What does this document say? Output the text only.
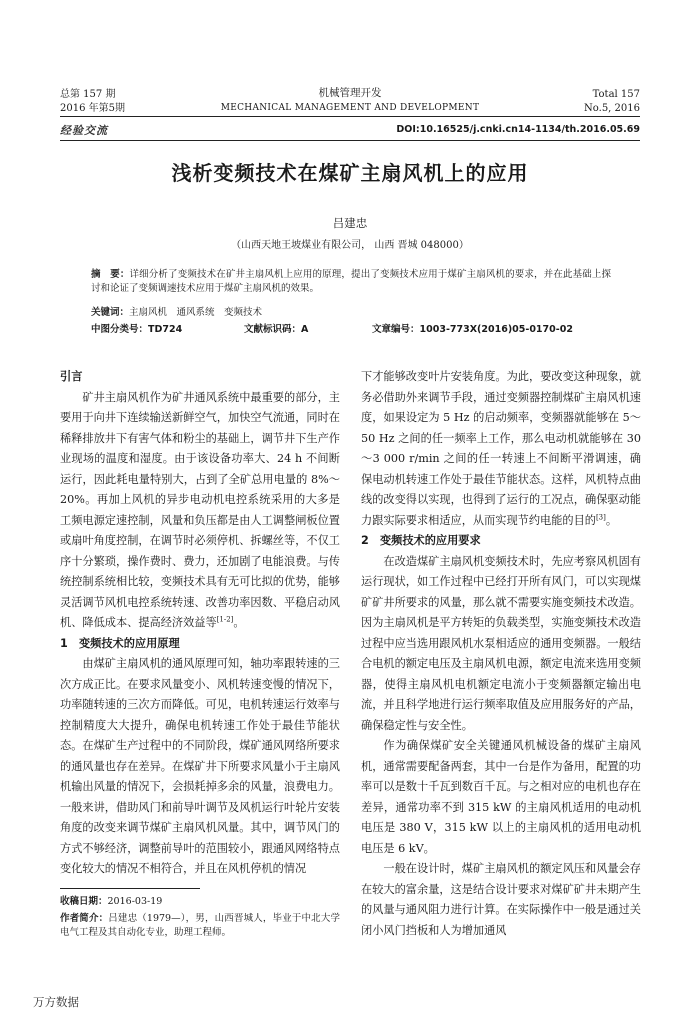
总第 157 期
2016 年第5期
机械管理开发
MECHANICAL MANAGEMENT AND DEVELOPMENT
Total 157
No.5, 2016
经验交流	DOI:10.16525/j.cnki.cn14-1134/th.2016.05.69
浅析变频技术在煤矿主扇风机上的应用
吕建忠
（山西天地王坡煤业有限公司， 山西 晋城 048000）
摘　要：详细分析了变频技术在矿井主扇风机上应用的原理，提出了变频技术应用于煤矿主扇风机的要求，并在此基础上探讨和论证了变频调速技术应用于煤矿主扇风机的效果。
关键词：主扇风机　通风系统　变频技术
中图分类号：TD724	文献标识码：A	文章编号：1003-773X(2016)05-0170-02

引言

矿井主扇风机作为矿井通风系统中最重要的部分，主要用于向井下连续输送新鲜空气，加快空气流通，同时在稀释排放井下有害气体和粉尘的基础上，调节井下生产作业现场的温度和湿度。由于该设备功率大、24 h 不间断运行，因此耗电量特别大，占到了全矿总用电量的 8%～20%。再加上风机的异步电动机电控系统采用的大多是工频电源定速控制，风量和负压都是由人工调整闸板位置或扇叶角度控制，在调节时必须停机、拆螺丝等，不仅工序十分繁琐，操作费时、费力，还加剧了电能浪费。与传统控制系统相比较，变频技术具有无可比拟的优势，能够灵活调节风机电控系统转速、改善功率因数、平稳启动风机、降低成本、提高经济效益等[1-2]。

1　变频技术的应用原理

由煤矿主扇风机的通风原理可知，轴功率跟转速的三次方成正比。在要求风量变小、风机转速变慢的情况下，功率随转速的三次方而降低。可见，电机转速运行效率与控制精度大大提升，确保电机转速工作处于最佳节能状态。在煤矿生产过程中的不同阶段，煤矿通风网络所要求的通风量也存在差异。在煤矿井下所要求风量小于主扇风机输出风量的情况下，会损耗掉多余的风量，浪费电力。一般来讲，借助风门和前导叶调节及风机运行叶轮片安装角度的改变来调节煤矿主扇风机风量。其中，调节风门的方式不够经济，调整前导叶的范围较小，跟通风网络特点变化较大的情况不相符合，并且在风机停机的情况

收稿日期：2016-03-19
作者简介：吕建忠（1979—），男，山西晋城人，毕业于中北大学电气工程及其自动化专业，助理工程师。

下才能够改变叶片安装角度。为此，要改变这种现象，就务必借助外来调节手段，通过变频器控制煤矿主扇风机速度，如果设定为 5 Hz 的启动频率，变频器就能够在 5～50 Hz 之间的任一频率上工作，那么电动机就能够在 30～3 000 r/min 之间的任一转速上不间断平滑调速，确保电动机转速工作处于最佳节能状态。这样，风机特点曲线的改变得以实现，也得到了运行的工况点，确保驱动能力跟实际要求相适应，从而实现节约电能的目的[3]。

2　变频技术的应用要求

在改造煤矿主扇风机变频技术时，先应考察风机固有运行现状，如工作过程中已经打开所有风门，可以实现煤矿矿井所要求的风量，那么就不需要实施变频技术改造。因为主扇风机是平方转矩的负载类型，实施变频技术改造过程中应当选用跟风机水泵相适应的通用变频器。一般结合电机的额定电压及主扇风机电源，额定电流来选用变频器，使得主扇风机电机额定电流小于变频器额定输出电流，并且科学地进行运行频率取值及应用服务好的产品，确保稳定性与安全性。

作为确保煤矿安全关键通风机械设备的煤矿主扇风机，通常需要配备两套，其中一台是作为备用，配置的功率可以是数十千瓦到数百千瓦。与之相对应的电机也存在差异，通常功率不到 315 kW 的主扇风机适用的电动机电压是 380 V，315 kW 以上的主扇风机的适用电动机电压是 6 kV。

一般在设计时，煤矿主扇风机的额定风压和风量会存在较大的富余量，这是结合设计要求对煤矿矿井未期产生的风量与通风阻力进行计算。在实际操作中一般是通过关闭小风门挡板和人为增加通风

万方数据
